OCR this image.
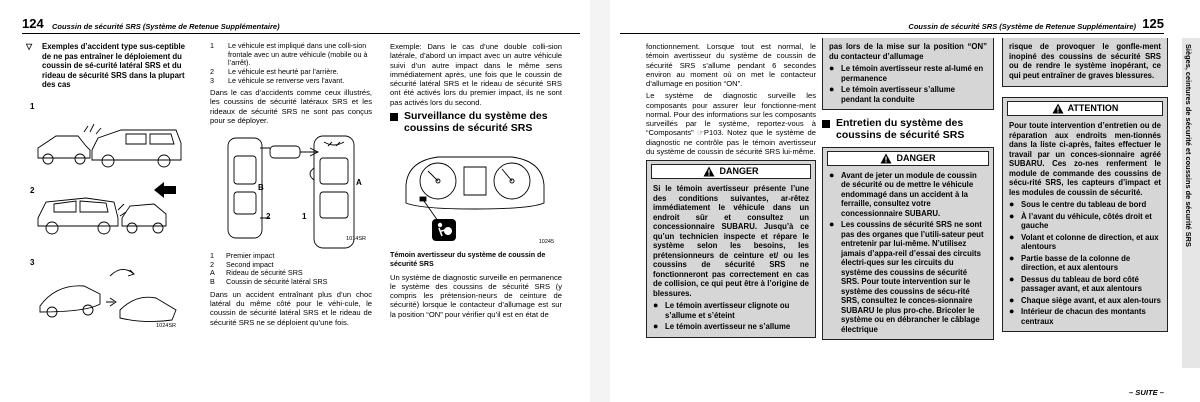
124 Coussin de sécurité SRS (Système de Retenue Supplémentaire)
▽	Exemples d’accident type sus-ceptible de ne pas entraîner le déploiement du coussin de sé-curité latéral SRS et du rideau de sécurité SRS dans la plupart des cas
1
2
3
1024SR
1	Le véhicule est impliqué dans une colli-sion frontale avec un autre véhicule (mobile ou à l’arrêt).
2	Le véhicule est heurté par l’arrière.
3	Le véhicule se renverse vers l’avant.

Dans le cas d’accidents comme ceux illustrés, les coussins de sécurité latéraux SRS et les rideaux de sécurité SRS ne sont pas conçus pour se déployer.

B
2	1
A
1014SR
1	Premier impact
2	Second impact
A	Rideau de sécurité SRS
B	Coussin de sécurité latéral SRS

Dans un accident entraînant plus d’un choc latéral du même côté pour le véhi-cule, le coussin de sécurité latéral SRS et le rideau de sécurité SRS ne se déploient qu’une fois.

Exemple: Dans le cas d’une double colli-sion latérale, d’abord un impact avec un autre véhicule suivi d’un autre impact dans le même sens immédiatement après, une fois que le coussin de sécurité latéral SRS et le rideau de sécurité SRS ont été activés lors du premier impact, ils ne sont pas activés lors du second.

Surveillance du système des coussins de sécurité SRS
10245
Témoin avertisseur du système de coussin de sécurité SRS

Un système de diagnostic surveille en permanence le système des coussins de sécurité SRS (y compris les prétension-neurs de ceinture de sécurité) lorsque le contacteur d’allumage est sur la position “ON” pour vérifier qu’il est en état de

Coussin de sécurité SRS (Système de Retenue Supplémentaire) 125

fonctionnement. Lorsque tout est normal, le témoin avertisseur du système de coussin de sécurité SRS s’allume pendant 6 secondes environ au moment où on met le contacteur d’allumage en position “ON”.

Le système de diagnostic surveille les composants pour assurer leur fonctionne-ment normal. Pour des informations sur les composants surveillés par le système, reportez-vous à “Composants” ☞P103. Notez que le système de diagnostic ne contrôle pas le témoin avertisseur du système de coussin de sécurité SRS lui-même.

DANGER

Si le témoin avertisseur présente l’une des conditions suivantes, ar-rêtez immédiatement le véhicule dans un endroit sûr et consultez un concessionnaire SUBARU. Jusqu’à ce qu’un technicien inspecte et répare le système selon les besoins, les prétensionneurs de ceinture et/ ou les coussins de sécurité SRS ne fonctionneront pas correctement en cas de collision, ce qui peut être à l’origine de blessures.

● Le témoin avertisseur clignote ou s’allume et s’éteint
● Le témoin avertisseur ne s’allume

pas lors de la mise sur la position “ON” du contacteur d’allumage

● Le témoin avertisseur reste al-lumé en permanence
● Le témoin avertisseur s’allume pendant la conduite
Entretien du système des coussins de sécurité SRS
DANGER
● Avant de jeter un module de coussin de sécurité ou de mettre le véhicule endommagé dans un accident à la ferraille, consultez votre concessionnaire SUBARU.
● Les coussins de sécurité SRS ne sont pas des organes que l’utili-sateur peut entretenir par lui-même. N’utilisez jamais d’appa-reil d’essai des circuits électri-ques sur les circuits du système des coussins de sécurité SRS. Pour toute intervention sur le système des coussins de sécu-rité SRS, consultez le conces-sionnaire SUBARU le plus pro-che. Bricoler le système ou en débrancher le câblage électrique

risque de provoquer le gonfle-ment inopiné des coussins de sécurité SRS ou de rendre le système inopérant, ce qui peut entraîner de graves blessures.

ATTENTION

Pour toute intervention d’entretien ou de réparation aux endroits men-tionnés dans la liste ci-après, faites effectuer le travail par un conces-sionnaire agréé SUBARU. Ces zo-nes renferment le module de commande des coussins de sécu-rité SRS, les capteurs d’impact et les modules de coussin de sécurité.

● Sous le centre du tableau de bord
● À l’avant du véhicule, côtés droit et gauche
● Volant et colonne de direction, et aux alentours
● Partie basse de la colonne de direction, et aux alentours
● Dessus du tableau de bord côté passager avant, et aux alentours
● Chaque siège avant, et aux alen-tours
● Intérieur de chacun des montants centraux
Sièges, ceintures de sécurité et coussins de sécurité SRS
– SUITE –
